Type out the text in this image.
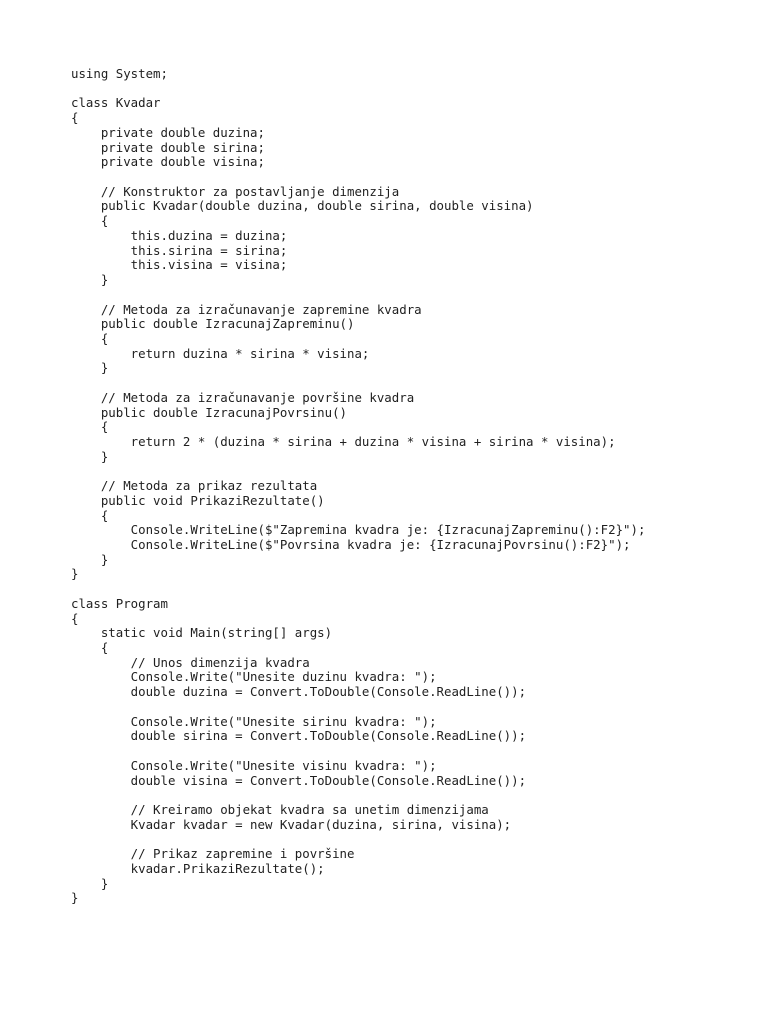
using System;

class Kvadar
{
private double duzina;
private double sirina;
private double visina;

// Konstruktor za postavljanje dimenzija
public Kvadar(double duzina, double sirina, double visina)
{
this.duzina = duzina;
this.sirina = sirina;
this.visina = visina;
}

// Metoda za izračunavanje zapremine kvadra
public double IzracunajZapreminu()
{
return duzina * sirina * visina;
}

// Metoda za izračunavanje površine kvadra
public double IzracunajPovrsinu()
{
return 2 * (duzina * sirina + duzina * visina + sirina * visina);
}

// Metoda za prikaz rezultata
public void PrikaziRezultate()
{
Console.WriteLine($"Zapremina kvadra je: {IzracunajZapreminu():F2}");
Console.WriteLine($"Povrsina kvadra je: {IzracunajPovrsinu():F2}");
}
}

class Program
{
static void Main(string[] args)
{
// Unos dimenzija kvadra
Console.Write("Unesite duzinu kvadra: ");
double duzina = Convert.ToDouble(Console.ReadLine());

Console.Write("Unesite sirinu kvadra: ");
double sirina = Convert.ToDouble(Console.ReadLine());

Console.Write("Unesite visinu kvadra: ");
double visina = Convert.ToDouble(Console.ReadLine());

// Kreiramo objekat kvadra sa unetim dimenzijama
Kvadar kvadar = new Kvadar(duzina, sirina, visina);

// Prikaz zapremine i površine
kvadar.PrikaziRezultate();
}
}
